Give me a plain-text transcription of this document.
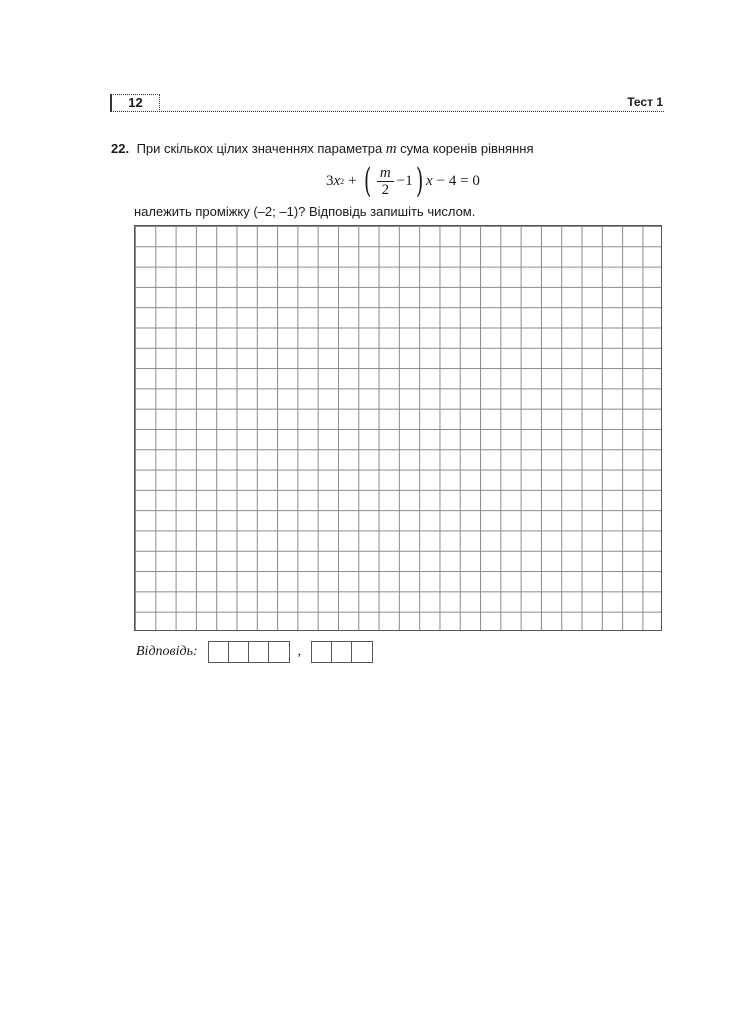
12	Тест 1
22. При скількох цілих значеннях параметра m сума коренів рівняння
3 x 2 + ( $\frac{m}{2} -1$ ) x − 4 = 0
належить проміжку (–2; –1)? Відповідь запишіть числом.
Відповідь:	,
